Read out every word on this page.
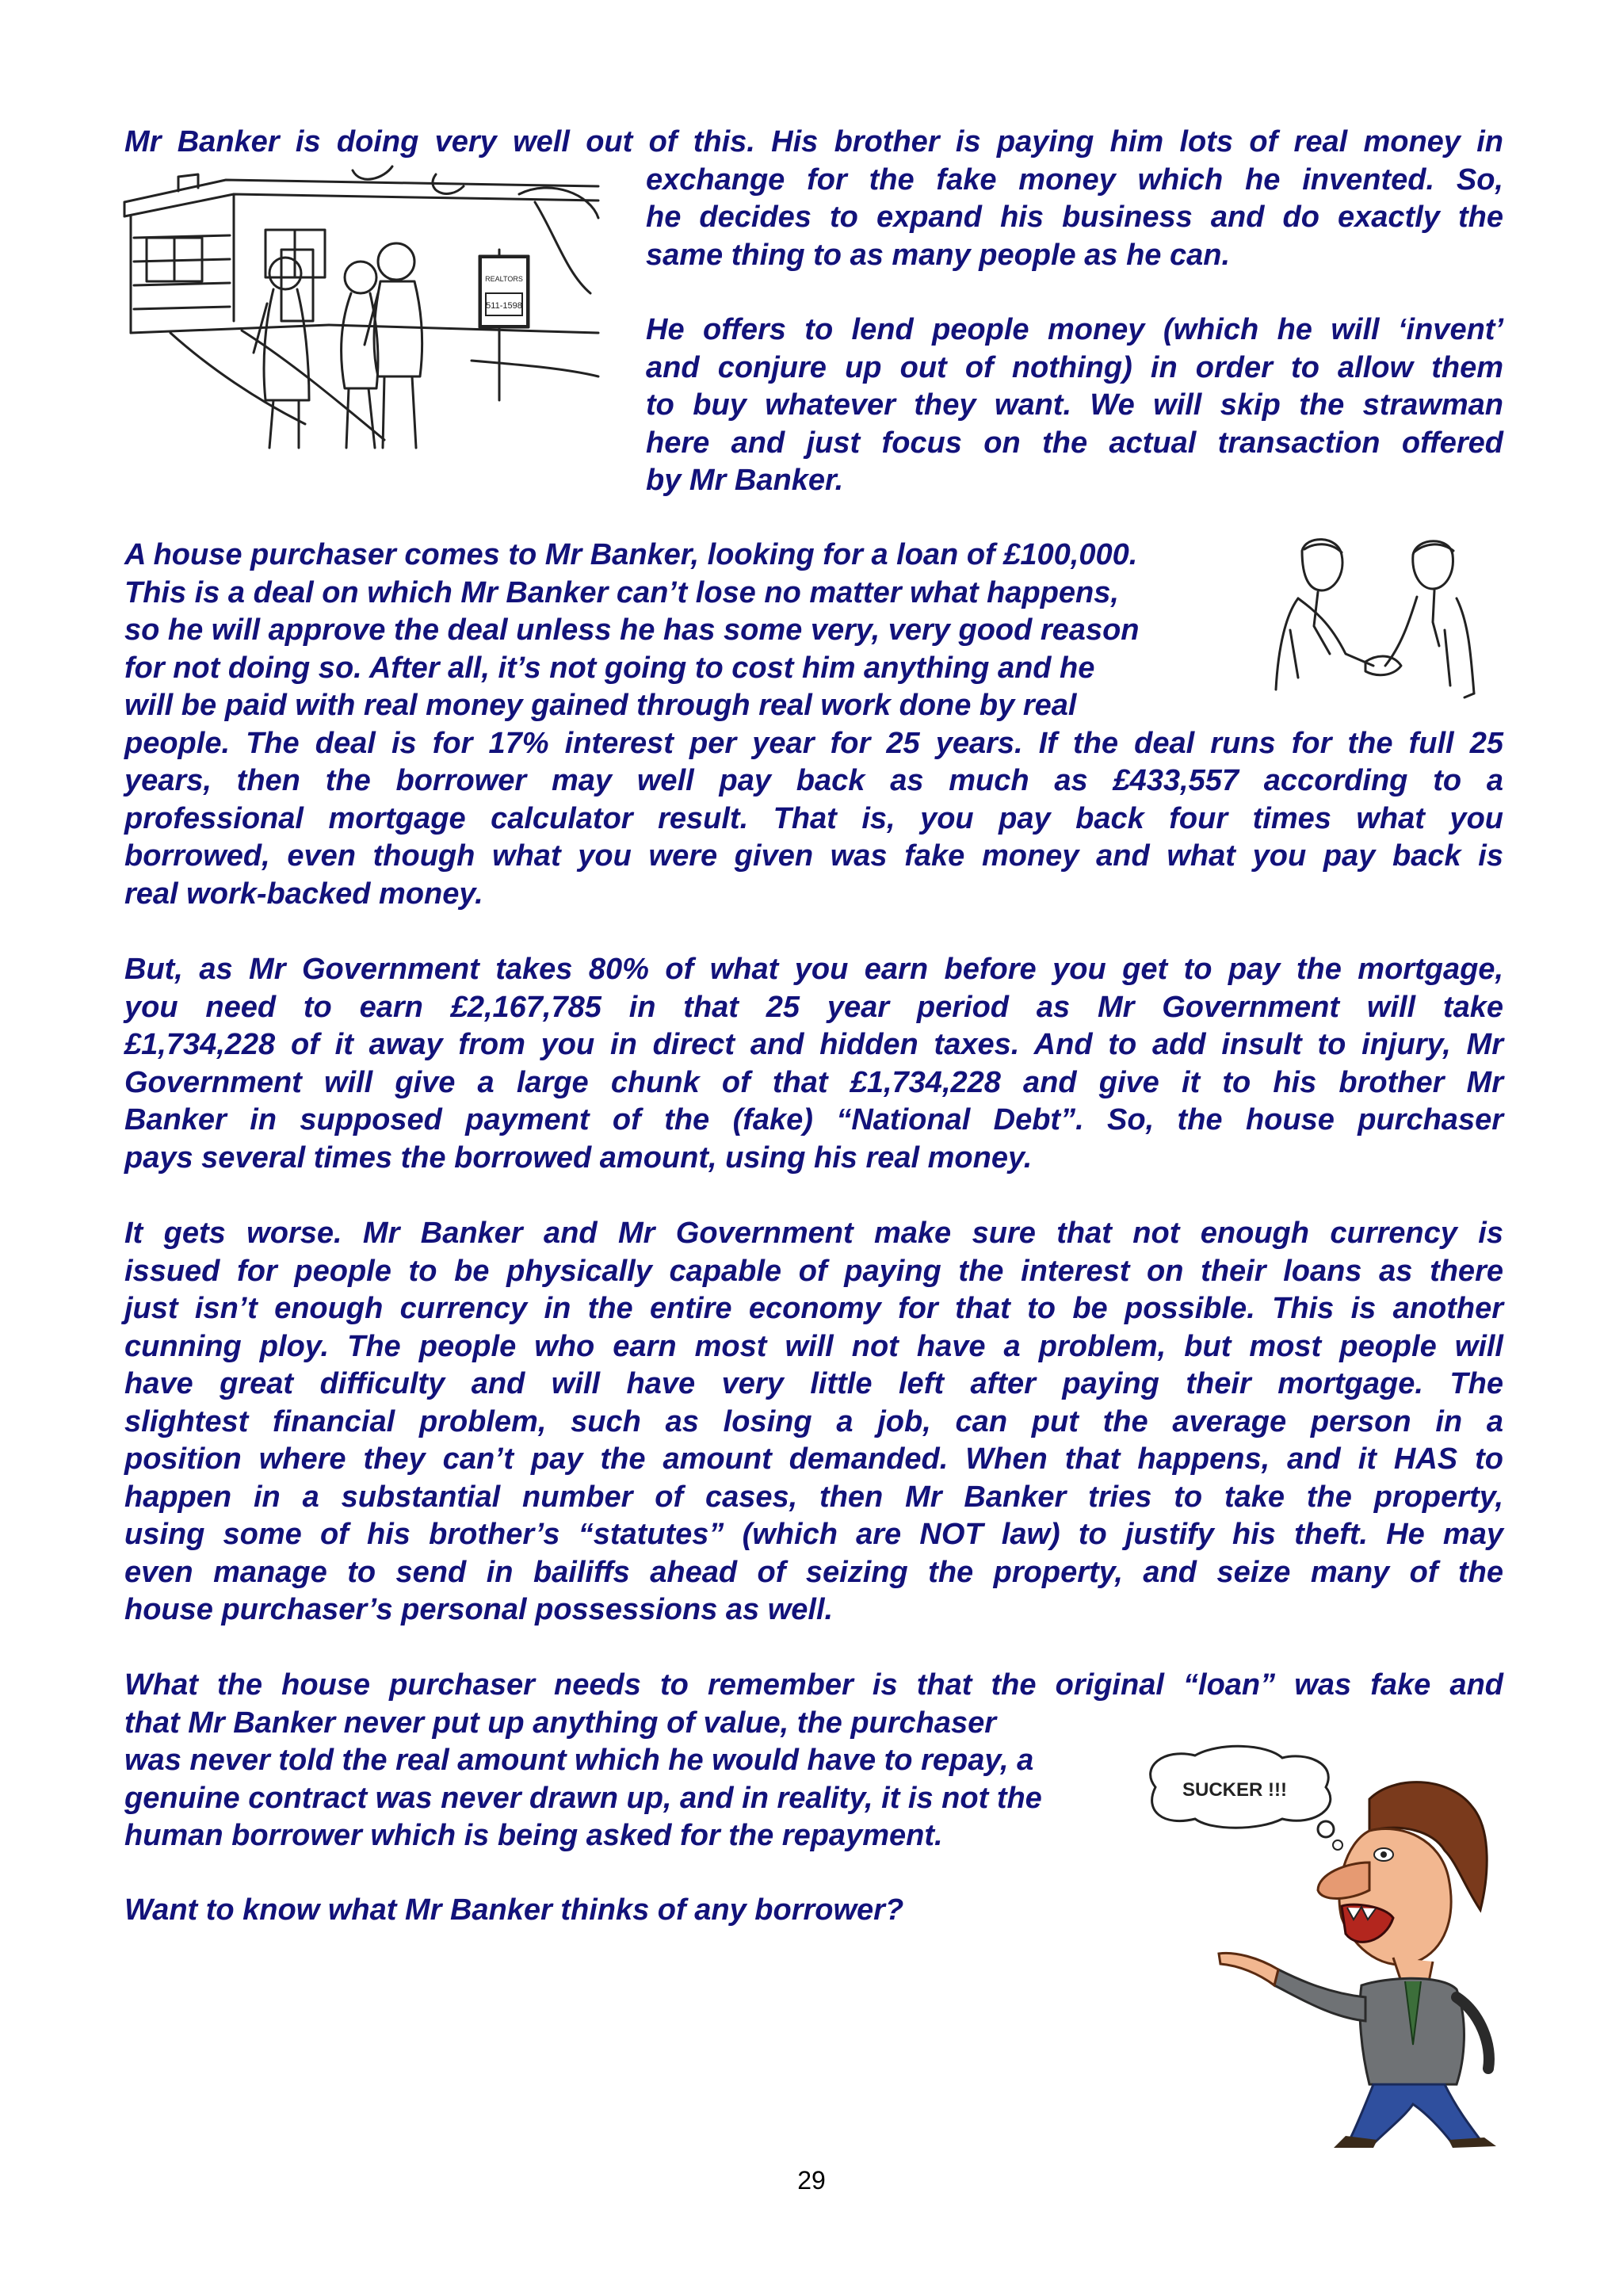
Mr Banker is doing very well out of this. His brother is paying him lots of real money in
exchange for the fake money which he invented. So,
he decides to expand his business and do exactly the
same thing to as many people as he can.
He offers to lend people money (which he will ‘invent’
and conjure up out of nothing) in order to allow them
to buy whatever they want. We will skip the strawman
here and just focus on the actual transaction offered
by Mr Banker.
A house purchaser comes to Mr Banker, looking for a loan of £100,000.
This is a deal on which Mr Banker can’t lose no matter what happens,
so he will approve the deal unless he has some very, very good reason
for not doing so. After all, it’s not going to cost him anything and he
will be paid with real money gained through real work done by real
people. The deal is for 17% interest per year for 25 years. If the deal runs for the full 25
years, then the borrower may well pay back as much as £433,557 according to a
professional mortgage calculator result. That is, you pay back four times what you
borrowed, even though what you were given was fake money and what you pay back is
real work-backed money.
But, as Mr Government takes 80% of what you earn before you get to pay the mortgage,
you need to earn £2,167,785 in that 25 year period as Mr Government will take
£1,734,228 of it away from you in direct and hidden taxes. And to add insult to injury, Mr
Government will give a large chunk of that £1,734,228 and give it to his brother Mr
Banker in supposed payment of the (fake) “National Debt”. So, the house purchaser
pays several times the borrowed amount, using his real money.
It gets worse. Mr Banker and Mr Government make sure that not enough currency is
issued for people to be physically capable of paying the interest on their loans as there
just isn’t enough currency in the entire economy for that to be possible. This is another
cunning ploy. The people who earn most will not have a problem, but most people will
have great difficulty and will have very little left after paying their mortgage. The
slightest financial problem, such as losing a job, can put the average person in a
position where they can’t pay the amount demanded. When that happens, and it HAS to
happen in a substantial number of cases, then Mr Banker tries to take the property,
using some of his brother’s “statutes” (which are NOT law) to justify his theft. He may
even manage to send in bailiffs ahead of seizing the property, and seize many of the
house purchaser’s personal possessions as well.
What the house purchaser needs to remember is that the original “loan” was fake and
that Mr Banker never put up anything of value, the purchaser
was never told the real amount which he would have to repay, a
genuine contract was never drawn up, and in reality, it is not the
human borrower which is being asked for the repayment.
Want to know what Mr Banker thinks of any borrower?
REALTORS
511-1598
SUCKER !!!
29
